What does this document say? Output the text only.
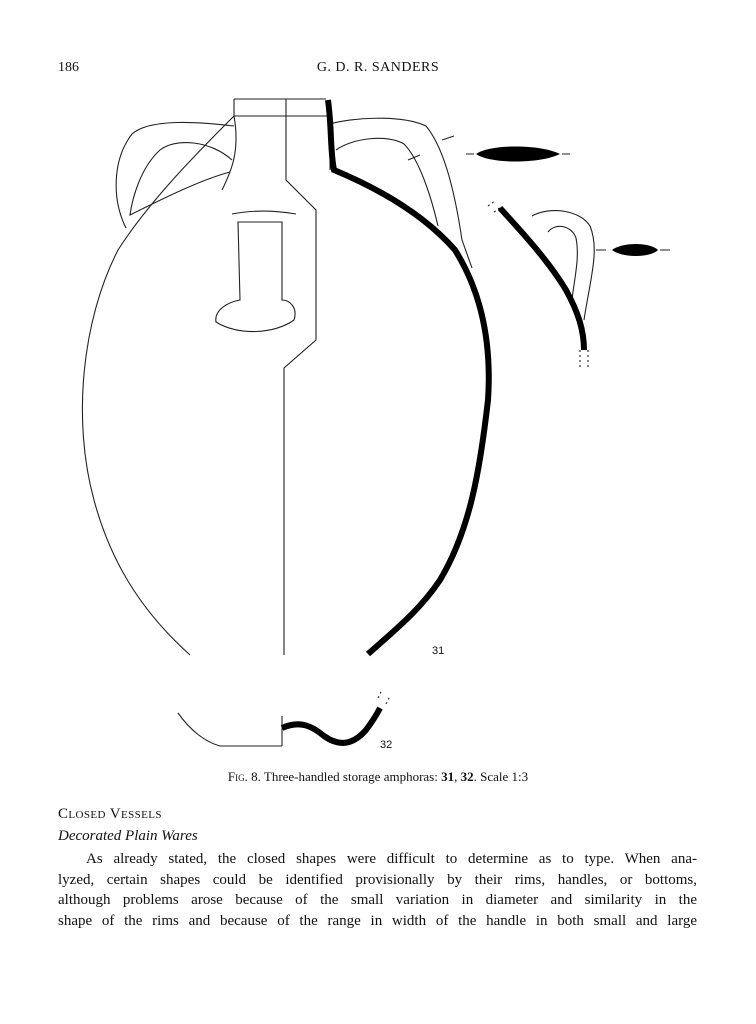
186	G. D. R. SANDERS
31
32
Fig. 8. Three-handled storage amphoras: 31, 32. Scale 1:3
Closed Vessels
Decorated Plain Wares

As already stated, the closed shapes were difficult to determine as to type. When ana-
lyzed, certain shapes could be identified provisionally by their rims, handles, or bottoms,
although problems arose because of the small variation in diameter and similarity in the
shape of the rims and because of the range in width of the handle in both small and large
